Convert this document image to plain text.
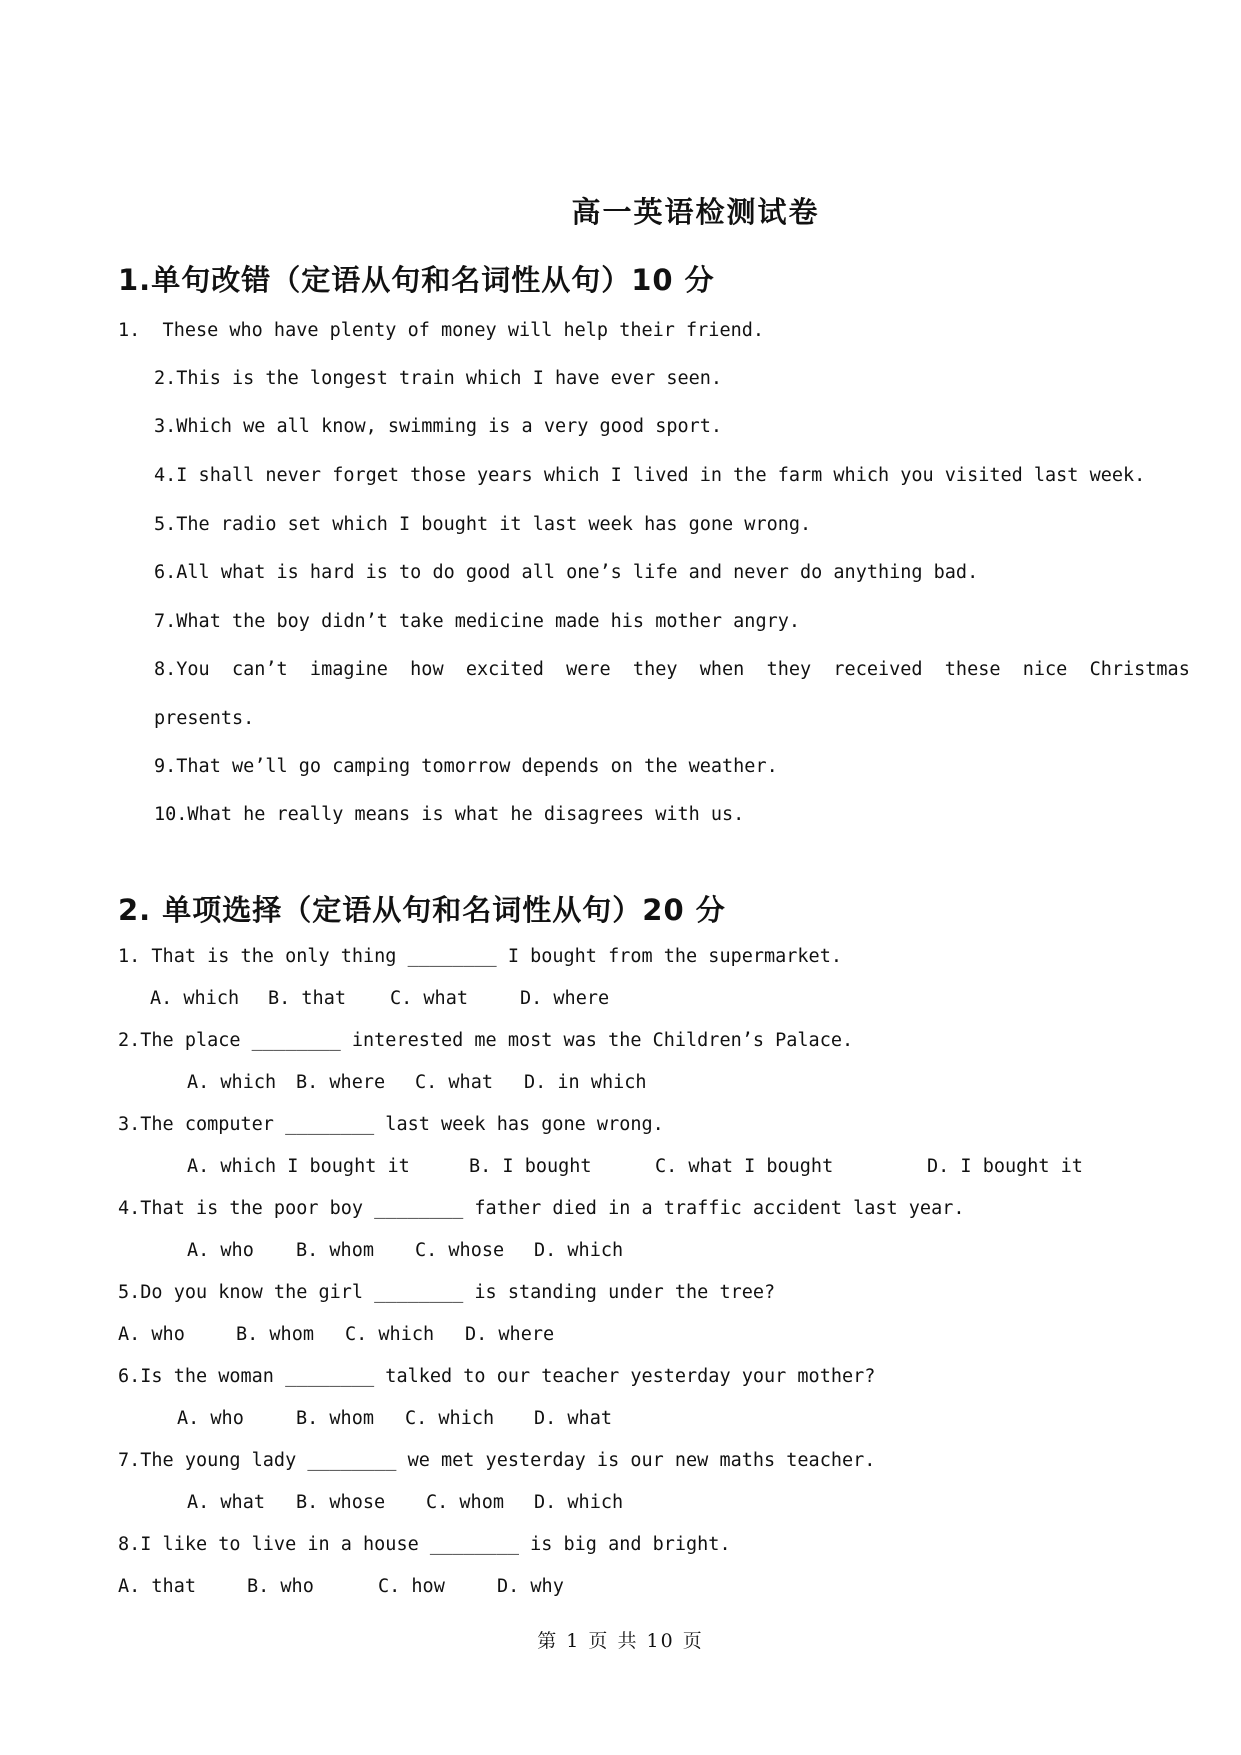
高一英语检测试卷
1.单句改错（定语从句和名词性从句）10 分
1.  These who have plenty of money will help their friend.
2.This is the longest train which I have ever seen.
3.Which we all know, swimming is a very good sport.
4.I shall never forget those years which I lived in the farm which you visited last week.
5.The radio set which I bought it last week has gone wrong.
6.All what is hard is to do good all one’s life and never do anything bad.
7.What the boy didn’t take medicine made his mother angry.
8.You  can’t  imagine  how  excited  were  they  when  they  received  these  nice  Christmas
presents.
9.That we’ll go camping tomorrow depends on the weather.
10.What he really means is what he disagrees with us.
2. 单项选择（定语从句和名词性从句）20 分
1. That is the only thing ________ I bought from the supermarket.
A. which B. that C. what	D. where
2.The place ________ interested me most was the Children’s Palace.
A. which B. where C. what D. in which
3.The computer ________ last week has gone wrong.
A. which I bought it	B. I bought	C. what I bought	D. I bought it
4.That is the poor boy ________ father died in a traffic accident last year.
A. who B. whom C. whose D. which
5.Do you know the girl ________ is standing under the tree?
A. who	B. whom C. which D. where
6.Is the woman ________ talked to our teacher yesterday your mother?
A. who	B. whom C. which D. what
7.The young lady ________ we met yesterday is our new maths teacher.
A. what B. whose C. whom D. which
8.I like to live in a house ________ is big and bright.
A. that	B. who	C. how	D. why
第 1 页 共 10 页
